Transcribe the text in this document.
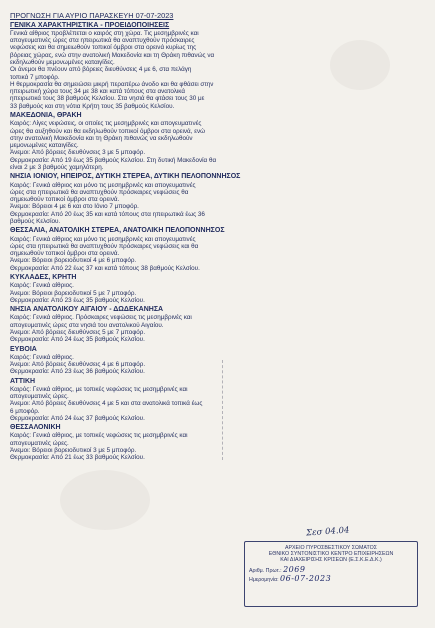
ΠΡΟΓΝΩΣΗ ΓΙΑ ΑΥΡΙΟ ΠΑΡΑΣΚΕΥΗ 07-07-2023
ΓΕΝΙΚΑ ΧΑΡΑΚΤΗΡΙΣΤΙΚΑ - ΠΡΟΕΙΔΟΠΟΙΗΣΕΙΣ
Γενικά αίθριος προβλέπεται ο καιρός στη χώρα. Τις μεσημβρινές και
απογευματινές ώρες στα ηπειρωτικά θα αναπτυχθούν πρόσκαιρες
νεφώσεις και θα σημειωθούν τοπικοί όμβροι στα ορεινά κυρίως της
βόρειας χώρας, ενώ στην ανατολική Μακεδονία και τη Θράκη πιθανώς να
εκδηλωθούν μεμονωμένες καταιγίδες.
Οι άνεμοι θα πνέουν από βόρειες διευθύνσεις 4 με 6, στα πελάγη
τοπικά 7 μποφόρ.
Η θερμοκρασία θα σημειώσει μικρή περαιτέρω άνοδο και θα φθάσει στην
ηπειρωτική χώρα τους 34 με 38 και κατά τόπους στα ανατολικά
ηπειρωτικά τους 38 βαθμούς Κελσίου. Στα νησιά θα φτάσει τους 30 με
33 βαθμούς και στη νότια Κρήτη τους 35 βαθμούς Κελσίου.
ΜΑΚΕΔΟΝΙΑ, ΘΡΑΚΗ
Καιρός: Λίγες νεφώσεις, οι οποίες τις μεσημβρινές και απογευματινές
ώρες θα αυξηθούν και θα εκδηλωθούν τοπικοί όμβροι στα ορεινά, ενώ
στην ανατολική Μακεδονία και τη Θράκη πιθανώς να εκδηλωθούν
μεμονωμένες καταιγίδες.
Άνεμοι: Από βόρειες διευθύνσεις 3 με 5 μποφόρ.
Θερμοκρασία: Από 19 έως 35 βαθμούς Κελσίου. Στη δυτική Μακεδονία θα
είναι 2 με 3 βαθμούς χαμηλότερη.
ΝΗΣΙΑ ΙΟΝΙΟΥ, ΗΠΕΙΡΟΣ, ΔΥΤΙΚΗ ΣΤΕΡΕΑ, ΔΥΤΙΚΗ ΠΕΛΟΠΟΝΝΗΣΟΣ
Καιρός: Γενικά αίθριος και μόνο τις μεσημβρινές και απογευματινές
ώρες στα ηπειρωτικά θα αναπτυχθούν πρόσκαιρες νεφώσεις θα
σημειωθούν τοπικοί όμβροι στα ορεινά.
Άνεμοι: Βόρειοι 4 με 6 και στο Ιόνιο 7 μποφόρ.
Θερμοκρασία: Από 20 έως 35 και κατά τόπους στα ηπειρωτικά έως 36
βαθμούς Κελσίου.
ΘΕΣΣΑΛΙΑ, ΑΝΑΤΟΛΙΚΗ ΣΤΕΡΕΑ, ΑΝΑΤΟΛΙΚΗ ΠΕΛΟΠΟΝΝΗΣΟΣ
Καιρός: Γενικά αίθριος και μόνο τις μεσημβρινές και απογευματινές
ώρες στα ηπειρωτικά θα αναπτυχθούν πρόσκαιρες νεφώσεις και θα
σημειωθούν τοπικοί όμβροι στα ορεινά.
Άνεμοι: Βόρειοι βορειοδυτικοί 4 με 6 μποφόρ.
Θερμοκρασία: Από 22 έως 37 και κατά τόπους 38 βαθμούς Κελσίου.
ΚΥΚΛΑΔΕΣ, ΚΡΗΤΗ
Καιρός: Γενικά αίθριος.
Άνεμοι: Βόρειοι βορειοδυτικοί 5 με 7 μποφόρ.
Θερμοκρασία: Από 23 έως 35 βαθμούς Κελσίου.
ΝΗΣΙΑ ΑΝΑΤΟΛΙΚΟΥ ΑΙΓΑΙΟΥ - ΔΩΔΕΚΑΝΗΣΑ
Καιρός: Γενικά αίθριος. Πρόσκαιρες νεφώσεις τις μεσημβρινές και
απογευματινές ώρες στα νησιά του ανατολικού Αιγαίου.
Άνεμοι: Από βόρειες διευθύνσεις 5 με 7 μποφόρ.
Θερμοκρασία: Από 24 έως 35 βαθμούς Κελσίου.
ΕΥΒΟΙΑ
Καιρός: Γενικά αίθριος.
Άνεμοι: Από βόρειες διευθύνσεις 4 με 6 μποφόρ.
Θερμοκρασία: Από 23 έως 36 βαθμούς Κελσίου.
ΑΤΤΙΚΗ
Καιρός: Γενικά αίθριος, με τοπικές νεφώσεις τις μεσημβρινές και
απογευματινές ώρες.
Άνεμοι: Από βόρειες διευθύνσεις 4 με 5 και στα ανατολικά τοπικά έως
6 μποφόρ.
Θερμοκρασία: Από 24 έως 37 βαθμούς Κελσίου.
ΘΕΣΣΑΛΟΝΙΚΗ
Καιρός: Γενικά αίθριος, με τοπικές νεφώσεις τις μεσημβρινές και
απογευματινές ώρες.
Άνεμοι: Βόρειοι βορειοδυτικοί 3 με 5 μποφόρ.
Θερμοκρασία: Από 21 έως 33 βαθμούς Κελσίου.
Σεσ 04.04
ΑΡΧΕΙΟ ΠΥΡΟΣΒΕΣΤΙΚΟΥ ΣΩΜΑΤΟΣ
ΕΘΝΙΚΟ ΣΥΝΤΟΝΙΣΤΙΚΟ ΚΕΝΤΡΟ ΕΠΙΧΕΙΡΗΣΕΩΝ
ΚΑΙ ΔΙΑΧΕΙΡΙΣΗΣ ΚΡΙΣΕΩΝ (Ε.Σ.Κ.Ε.Δ.Κ.)
Αριθμ. Πρωτ.: 2069
Ημερομηνία: 06-07-2023
